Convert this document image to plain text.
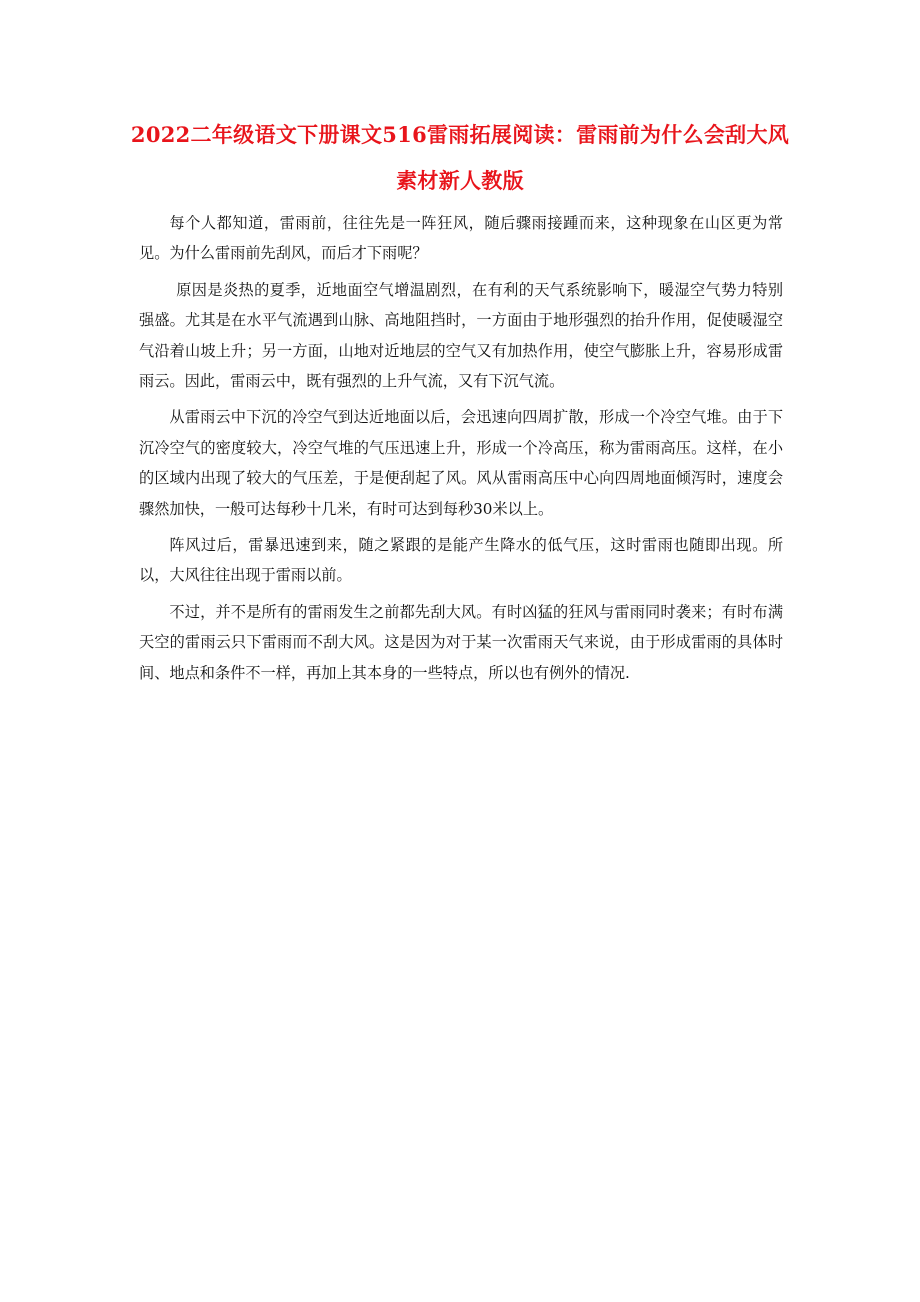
2022二年级语文下册课文516雷雨拓展阅读：雷雨前为什么会刮大风素材新人教版

每个人都知道，雷雨前，往往先是一阵狂风，随后骤雨接踵而来，这种现象在山区更为常见。为什么雷雨前先刮风，而后才下雨呢？

原因是炎热的夏季，近地面空气增温剧烈，在有利的天气系统影响下，暖湿空气势力特别强盛。尤其是在水平气流遇到山脉、高地阻挡时，一方面由于地形强烈的抬升作用，促使暖湿空气沿着山坡上升；另一方面，山地对近地层的空气又有加热作用，使空气膨胀上升，容易形成雷雨云。因此，雷雨云中，既有强烈的上升气流，又有下沉气流。

从雷雨云中下沉的冷空气到达近地面以后，会迅速向四周扩散，形成一个冷空气堆。由于下沉冷空气的密度较大，冷空气堆的气压迅速上升，形成一个冷高压，称为雷雨高压。这样，在小的区域内出现了较大的气压差，于是便刮起了风。风从雷雨高压中心向四周地面倾泻时，速度会骤然加快，一般可达每秒十几米，有时可达到每秒30米以上。

阵风过后，雷暴迅速到来，随之紧跟的是能产生降水的低气压，这时雷雨也随即出现。所以，大风往往出现于雷雨以前。

不过，并不是所有的雷雨发生之前都先刮大风。有时凶猛的狂风与雷雨同时袭来；有时布满天空的雷雨云只下雷雨而不刮大风。这是因为对于某一次雷雨天气来说，由于形成雷雨的具体时间、地点和条件不一样，再加上其本身的一些特点，所以也有例外的情况.
